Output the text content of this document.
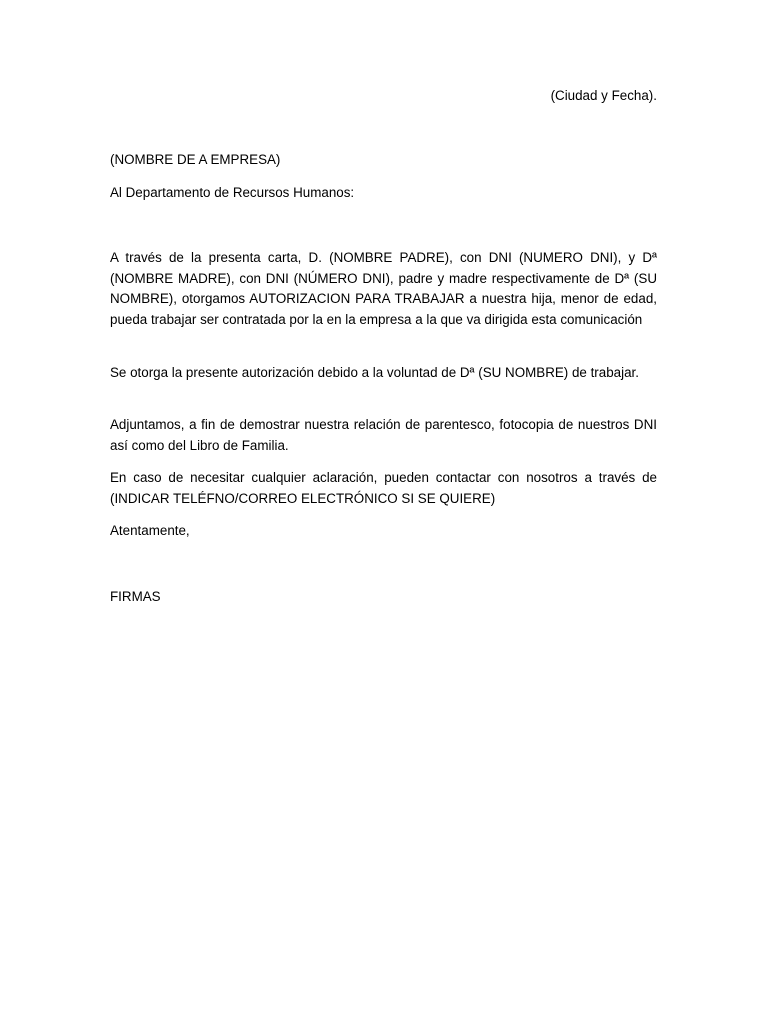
(Ciudad y Fecha).

(NOMBRE DE A EMPRESA)

Al Departamento de Recursos Humanos:

A través de la presenta carta, D. (NOMBRE PADRE), con DNI (NUMERO DNI), y Dª (NOMBRE MADRE), con DNI (NÚMERO DNI), padre y madre respectivamente de Dª (SU NOMBRE), otorgamos AUTORIZACION PARA TRABAJAR a nuestra hija, menor de edad, pueda trabajar ser contratada por la en la empresa a la que va dirigida esta comunicación

Se otorga la presente autorización debido a la voluntad de Dª (SU NOMBRE) de trabajar.

Adjuntamos, a fin de demostrar nuestra relación de parentesco, fotocopia de nuestros DNI así como del Libro de Familia.

En caso de necesitar cualquier aclaración, pueden contactar con nosotros a través de (INDICAR TELÉFNO/CORREO ELECTRÓNICO SI SE QUIERE)

Atentamente,

FIRMAS
